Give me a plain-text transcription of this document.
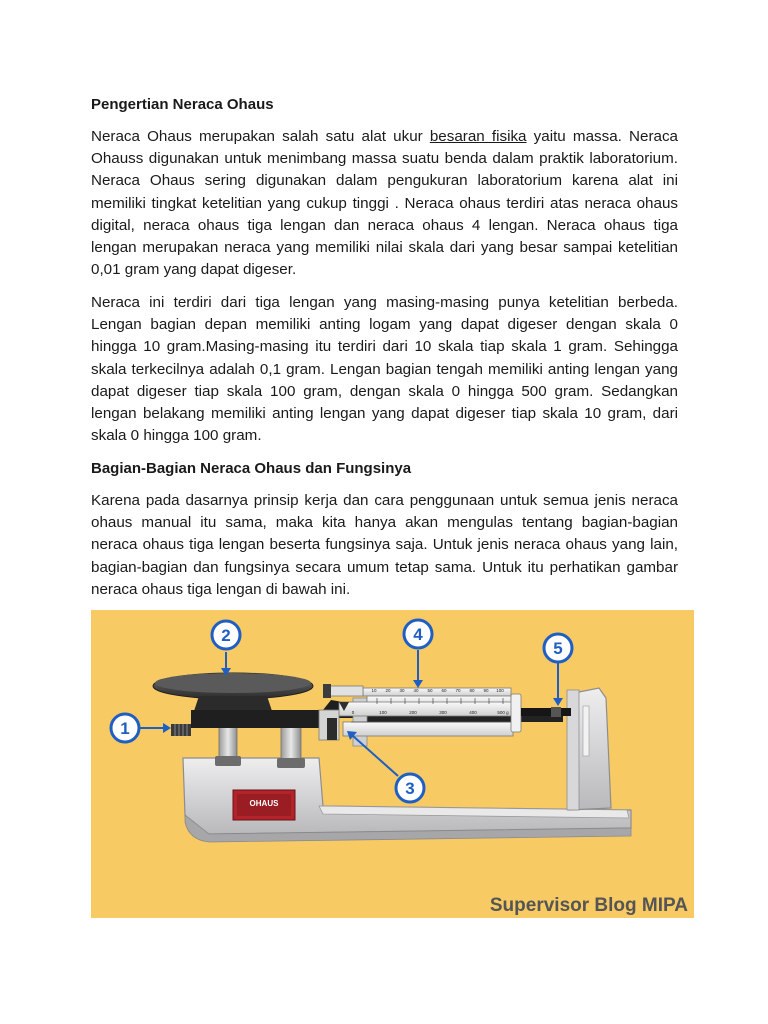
Pengertian Neraca Ohaus

Neraca Ohaus merupakan salah satu alat ukur besaran fisika yaitu massa. Neraca Ohauss digunakan untuk menimbang massa suatu benda dalam praktik laboratorium. Neraca Ohaus sering digunakan dalam pengukuran laboratorium karena alat ini memiliki tingkat ketelitian yang cukup tinggi . Neraca ohaus terdiri atas neraca ohaus digital, neraca ohaus tiga lengan dan neraca ohaus 4 lengan. Neraca ohaus tiga lengan merupakan neraca yang memiliki nilai skala dari yang besar sampai ketelitian 0,01 gram yang dapat digeser.

Neraca ini terdiri dari tiga lengan yang masing-masing punya ketelitian berbeda. Lengan bagian depan memiliki anting logam yang dapat digeser dengan skala 0 hingga 10 gram.Masing-masing itu terdiri dari 10 skala tiap skala 1 gram. Sehingga skala terkecilnya adalah 0,1 gram. Lengan bagian tengah memiliki anting lengan yang dapat digeser tiap skala 100 gram, dengan skala 0 hingga 500 gram. Sedangkan lengan belakang memiliki anting lengan yang dapat digeser tiap skala 10 gram, dari skala 0 hingga 100 gram.

Bagian-Bagian Neraca Ohaus dan Fungsinya

Karena pada dasarnya prinsip kerja dan cara penggunaan untuk semua jenis neraca ohaus manual itu sama, maka kita hanya akan mengulas tentang bagian-bagian neraca ohaus tiga lengan beserta fungsinya saja. Untuk jenis neraca ohaus yang lain, bagian-bagian dan fungsinya secara umum tetap sama. Untuk itu perhatikan gambar neraca ohaus tiga lengan di bawah ini.

10 20 30 40 50 60 70 80 90 100
0	100	200	300	400	500 g
OHAUS
1
2
3
4
5
Supervisor Blog MIPA
